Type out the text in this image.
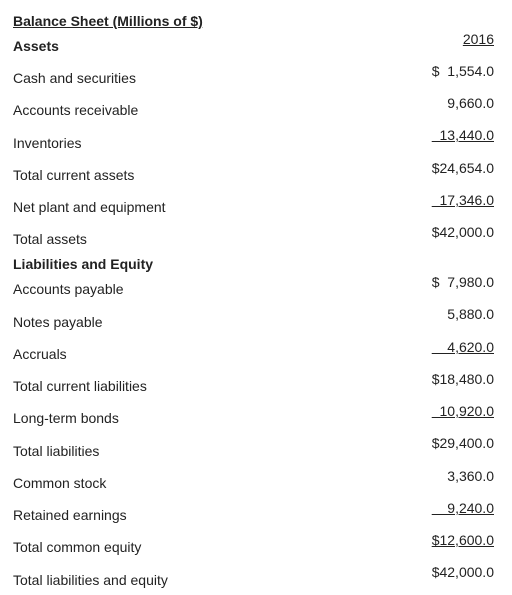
Balance Sheet (Millions of $)
Assets	2016
Cash and securities	$  1,554.0
Accounts receivable	9,660.0
Inventories	13,440.0
Total current assets	$24,654.0
Net plant and equipment	17,346.0
Total assets	$42,000.0
Liabilities and Equity
Accounts payable	$  7,980.0
Notes payable	5,880.0
Accruals	4,620.0
Total current liabilities	$18,480.0
Long-term bonds	10,920.0
Total liabilities	$29,400.0
Common stock	3,360.0
Retained earnings	9,240.0
Total common equity	$12,600.0
Total liabilities and equity	$42,000.0
